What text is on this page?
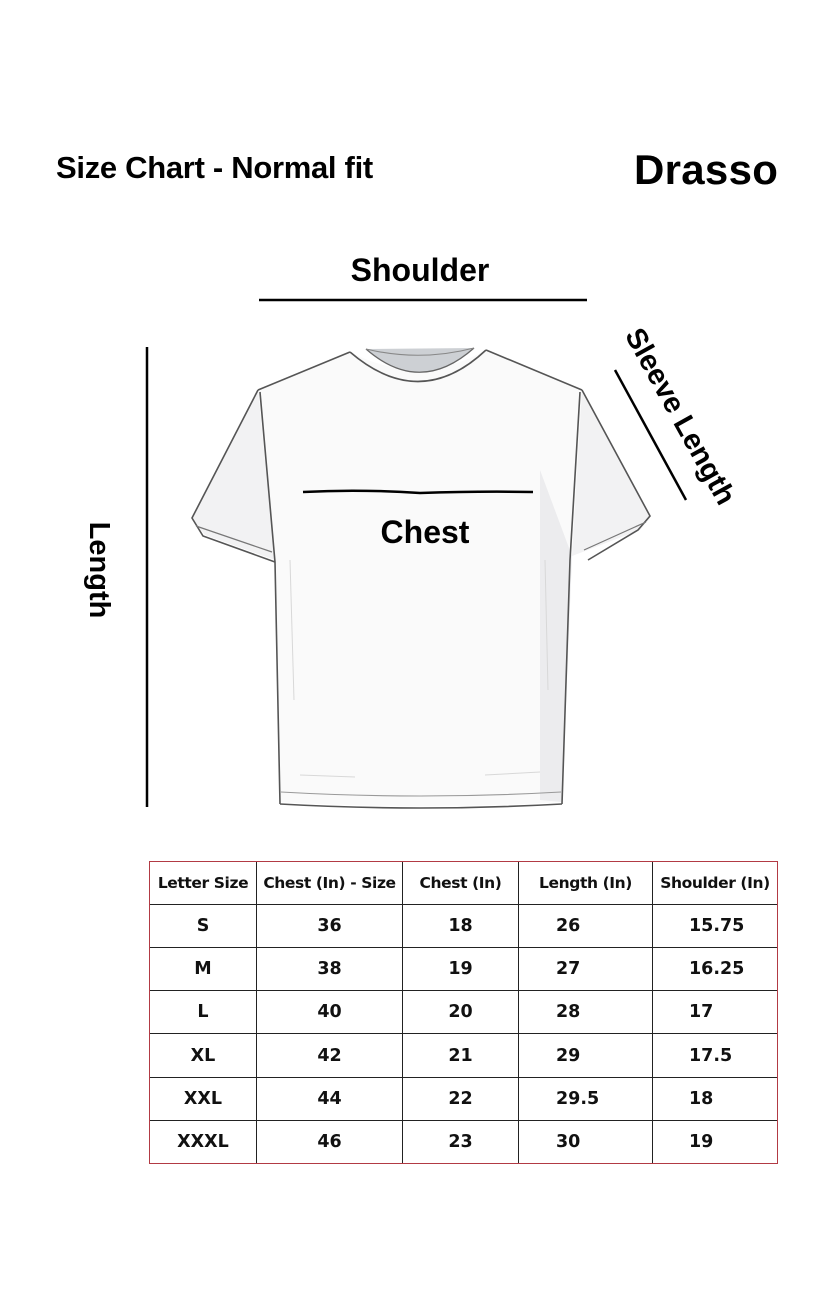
Size Chart - Normal fit	Drasso
Shoulder
Sleeve Length
Length	Chest
Letter Size	Chest (In) - Size	Chest (In)	Length (In)	Shoulder (In)
S	36	18	26	15.75
M	38	19	27	16.25
L	40	20	28	17
XL	42	21	29	17.5
XXL	44	22	29.5	18
XXXL	46	23	30	19
